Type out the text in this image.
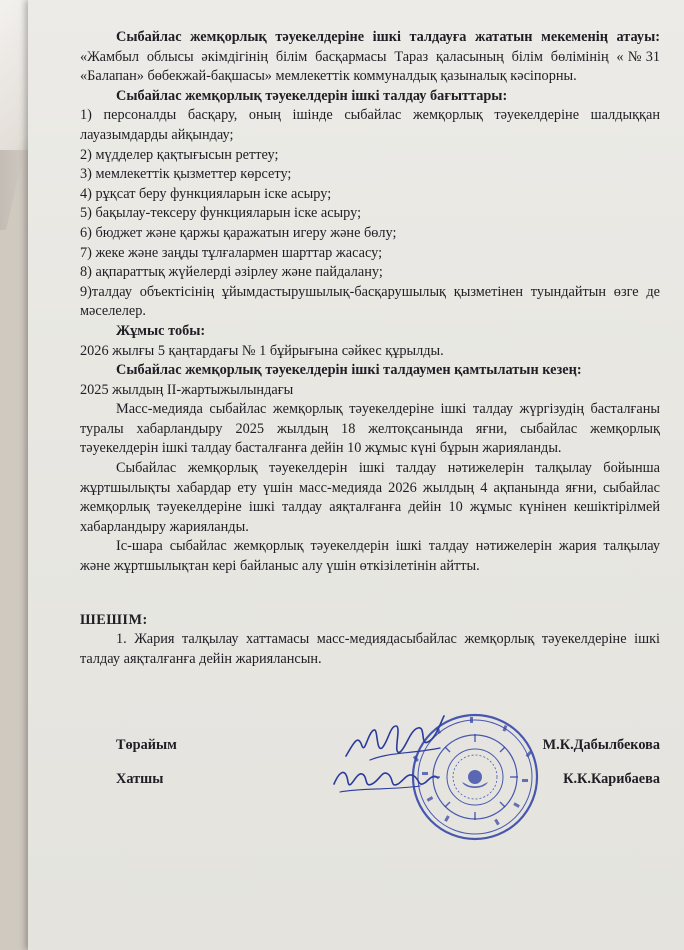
Сыбайлас жемқорлық тәуекелдеріне ішкі талдауға жататын мекеменің атауы: «Жамбыл облысы әкімдігінің білім басқармасы Тараз қаласының білім бөлімінің «№31 «Балапан» бөбекжай-бақшасы» мемлекеттік коммуналдық қазыналық кәсіпорны.

Сыбайлас жемқорлық тәуекелдерін ішкі талдау бағыттары:

1) персоналды басқару, оның ішінде сыбайлас жемқорлық тәуекелдеріне шалдыққан лауазымдарды айқындау;

2) мүдделер қақтығысын реттеу;

3) мемлекеттік қызметтер көрсету;

4) рұқсат беру функцияларын іске асыру;

5) бақылау-тексеру функцияларын іске асыру;

6) бюджет және қаржы қаражатын игеру және бөлу;

7) жеке және заңды тұлғалармен шарттар жасасу;

8) ақпараттық жүйелерді әзірлеу және пайдалану;

9)талдау объектісінің ұйымдастырушылық-басқарушылық қызметінен туындайтын өзге де мәселелер.

Жұмыс тобы:

2026 жылғы 5 қаңтардағы № 1 бұйрығына сәйкес құрылды.

Сыбайлас жемқорлық тәуекелдерін ішкі талдаумен қамтылатын кезең:

2025 жылдың ІІ-жартыжылындағы

Масс-медияда сыбайлас жемқорлық тәуекелдеріне ішкі талдау жүргізудің басталғаны туралы хабарландыру 2025 жылдың 18 желтоқсанында яғни, сыбайлас жемқорлық тәуекелдерін ішкі талдау басталғанға дейін 10 жұмыс күні бұрын жарияланды.

Сыбайлас жемқорлық тәуекелдерін ішкі талдау нәтижелерін талқылау бойынша жұртшылықты хабардар ету үшін масс-медияда 2026 жылдың 4 ақпанында яғни, сыбайлас жемқорлық тәуекелдеріне ішкі талдау аяқталғанға дейін 10 жұмыс күнінен кешіктірілмей хабарландыру жарияланды.

Іс-шара сыбайлас жемқорлық тәуекелдерін ішкі талдау нәтижелерін жария талқылау және жұртшылықтан кері байланыс алу үшін өткізілетінін айтты.

ШЕШІМ:

1. Жария талқылау хаттамасы масс-медиядасыбайлас жемқорлық тәуекелдеріне ішкі талдау аяқталғанға дейін жариялансын.

Төрайым	М.К.Дабылбекова
Хатшы	К.К.Карибаева
